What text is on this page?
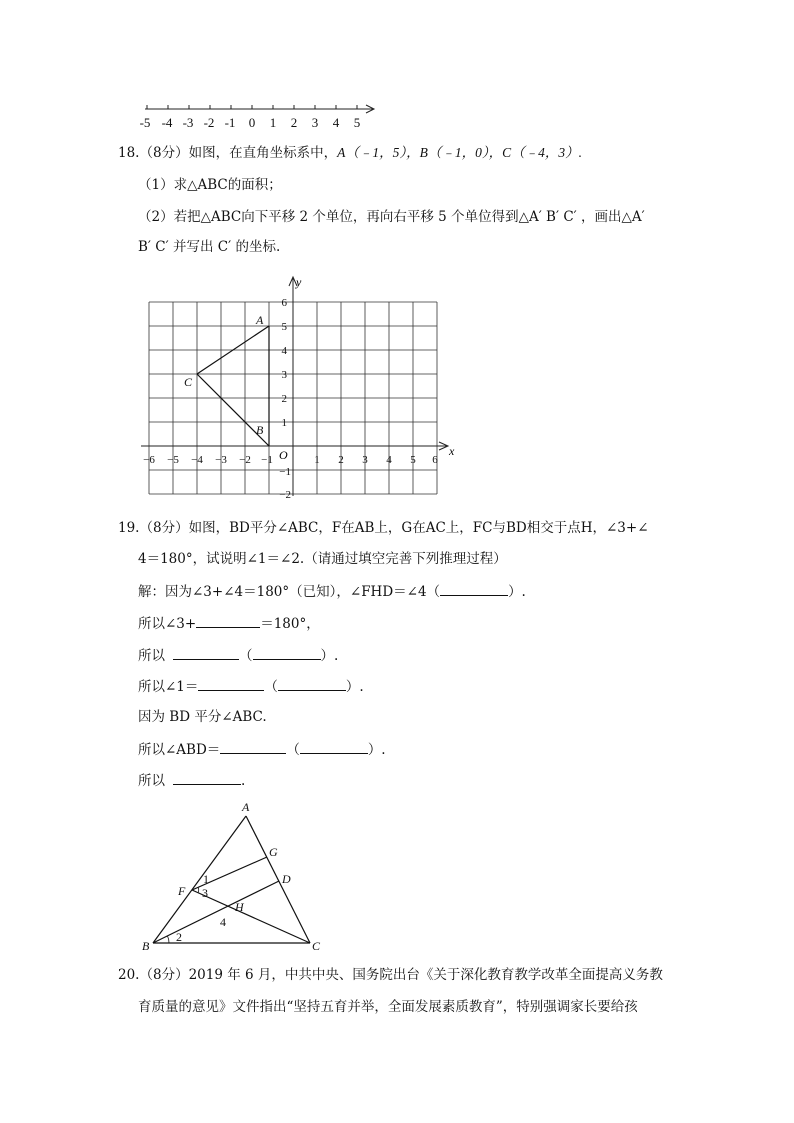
-5 -4 -3 -2 -1 0 1 2 3 4 5
18.（8分）如图，在直角坐标系中，A（﹣1，5），B（﹣1，0），C（﹣4，3）.
（1）求△ABC的面积；
（2）若把△ABC向下平移 2 个单位，再向右平移 5 个单位得到△A′ B′ C′ ，画出△A′
B′ C′ 并写出 C′ 的坐标.
y
x
O
−6 −5 −4 −3 −2 −1	1 2 3 4 5 6
6
5
4
3
2
1
−1
−2
A
B
C
19.（8分）如图，BD平分∠ABC，F在AB上，G在AC上，FC与BD相交于点H，∠3+∠
4＝180°，试说明∠1＝∠2.（请通过填空完善下列推理过程）
解：因为∠3+∠4＝180°（已知），∠FHD＝∠4（	）.
所以∠3+	＝180°，
所以	（	）.
所以∠1＝	（	）.
因为 BD 平分∠ABC.
所以∠ABD＝	（	）.
所以	.
A
G
D
F
H
B	C
1
3
4
2
20.（8分）2019 年 6 月，中共中央、国务院出台《关于深化教育教学改革全面提高义务教
育质量的意见》文件指出“坚持五育并举，全面发展素质教育”，特别强调家长要给孩
